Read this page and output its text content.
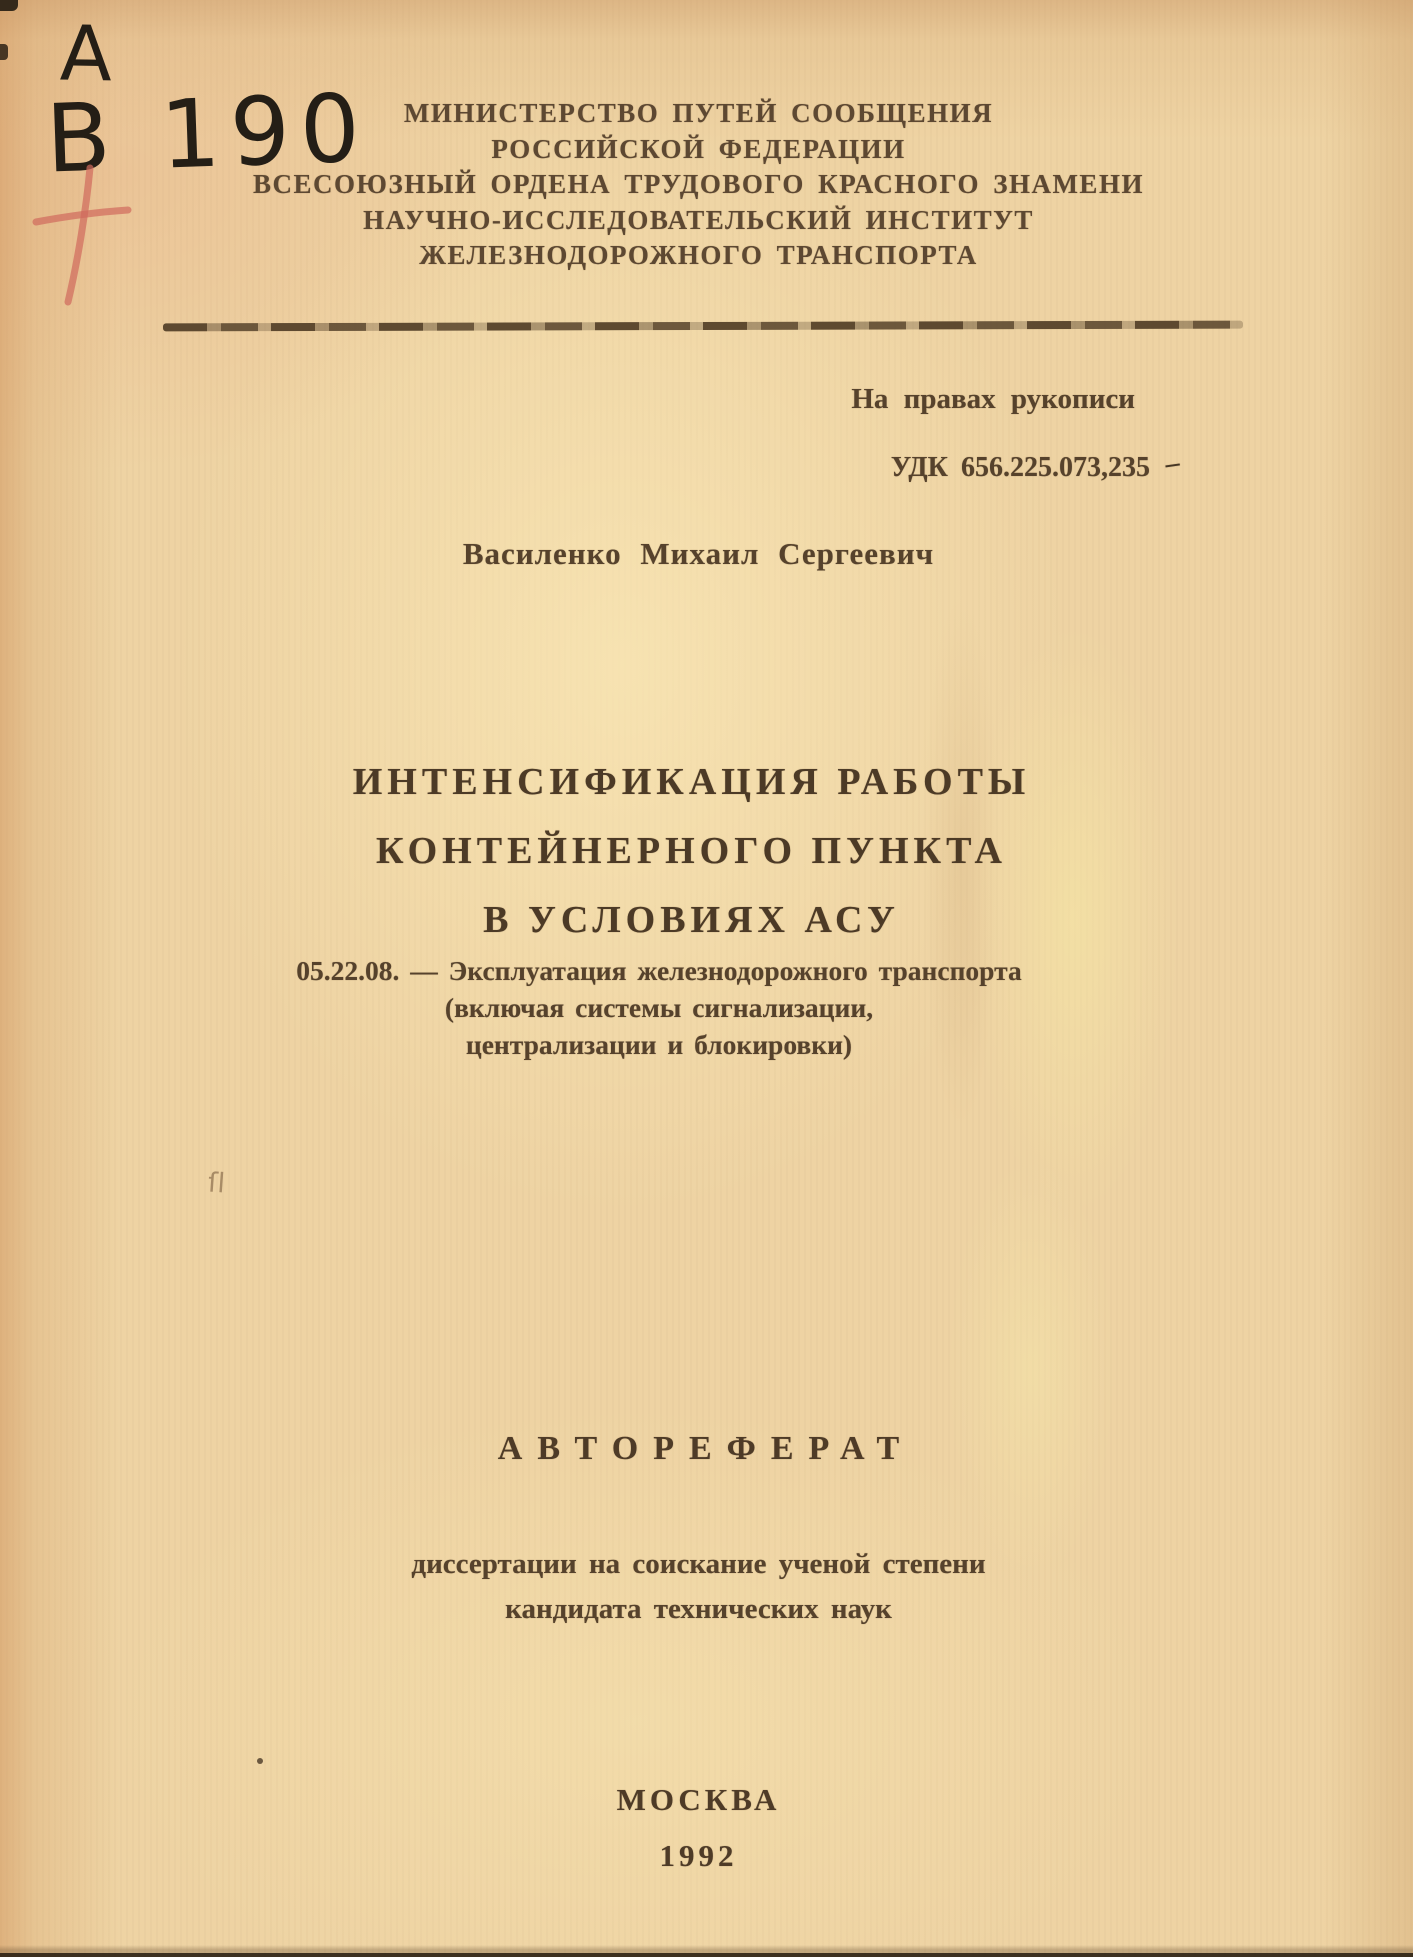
А
В 190	МИНИСТЕРСТВО ПУТЕЙ СООБЩЕНИЯ
РОССИЙСКОЙ ФЕДЕРАЦИИ
ВСЕСОЮЗНЫЙ ОРДЕНА ТРУДОВОГО КРАСНОГО ЗНАМЕНИ
НАУЧНО-ИССЛЕДОВАТЕЛЬСКИЙ ИНСТИТУТ
ЖЕЛЕЗНОДОРОЖНОГО ТРАНСПОРТА
На правах рукописи
УДК 656.225.073,235 –
Василенко Михаил Сергеевич
ИНТЕНСИФИКАЦИЯ РАБОТЫ
КОНТЕЙНЕРНОГО ПУНКТА
В УСЛОВИЯХ АСУ
05.22.08. — Эксплуатация железнодорожного транспорта
(включая системы сигнализации,
централизации и блокировки)
ſl
АВТОРЕФЕРАТ
диссертации на соискание ученой степени
кандидата технических наук
МОСКВА
1992
